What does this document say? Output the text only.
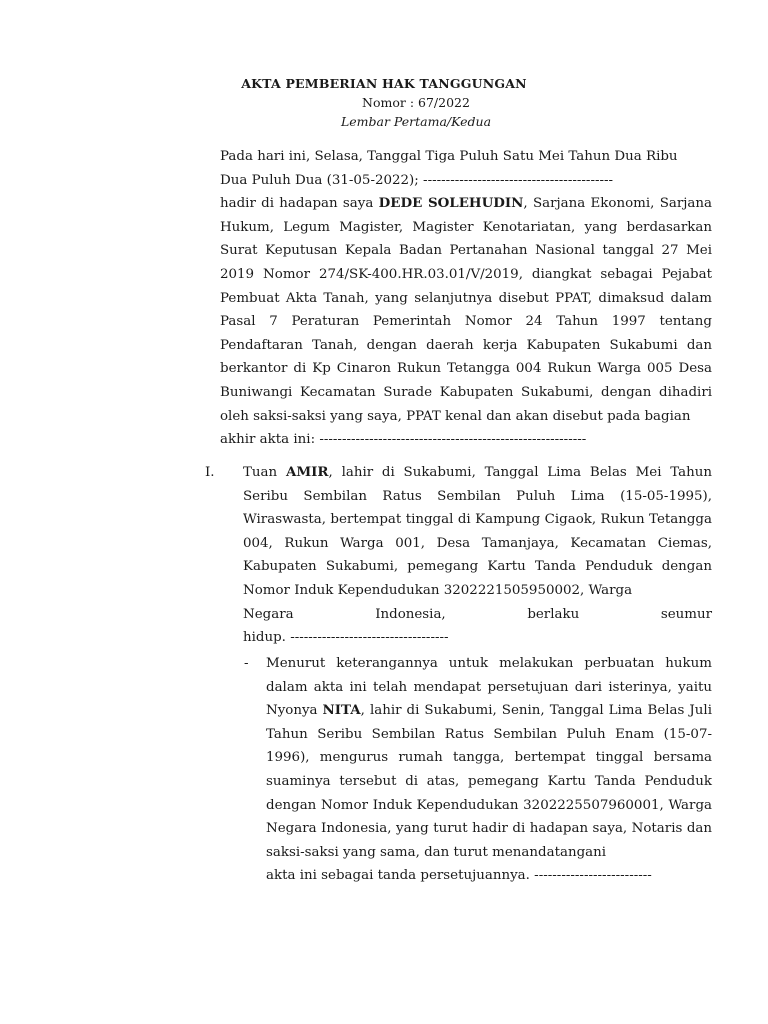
AKTA PEMBERIAN HAK TANGGUNGAN
Nomor : 67/2022
Lembar Pertama/Kedua
Pada hari ini, Selasa, Tanggal Tiga Puluh Satu Mei Tahun Dua Ribu
Dua Puluh Dua (31-05-2022); ------------------------------------------
hadir di hadapan saya DEDE SOLEHUDIN, Sarjana Ekonomi, Sarjana Hukum, Legum Magister, Magister Kenotariatan, yang berdasarkan Surat Keputusan Kepala Badan Pertanahan Nasional tanggal 27 Mei 2019 Nomor 274/SK-400.HR.03.01/V/2019, diangkat sebagai Pejabat Pembuat Akta Tanah, yang selanjutnya disebut PPAT, dimaksud dalam Pasal 7 Peraturan Pemerintah Nomor 24 Tahun 1997 tentang Pendaftaran Tanah, dengan daerah kerja Kabupaten Sukabumi dan berkantor di Kp Cinaron Rukun Tetangga 004 Rukun Warga 005 Desa Buniwangi Kecamatan Surade Kabupaten Sukabumi, dengan dihadiri oleh saksi-saksi yang saya, PPAT kenal dan akan disebut pada bagian
akhir akta ini: -----------------------------------------------------------
I. Tuan AMIR, lahir di Sukabumi, Tanggal Lima Belas Mei Tahun Seribu Sembilan Ratus Sembilan Puluh Lima (15-05-1995), Wiraswasta, bertempat tinggal di Kampung Cigaok, Rukun Tetangga 004, Rukun Warga 001, Desa Tamanjaya, Kecamatan Ciemas, Kabupaten Sukabumi, pemegang Kartu Tanda Penduduk dengan Nomor Induk Kependudukan 3202221505950002, Warga
Negara	Indonesia,	berlaku	seumur
hidup. -----------------------------------
- Menurut keterangannya untuk melakukan perbuatan hukum dalam akta ini telah mendapat persetujuan dari isterinya, yaitu Nyonya NITA, lahir di Sukabumi, Senin, Tanggal Lima Belas Juli Tahun Seribu Sembilan Ratus Sembilan Puluh Enam (15-07-1996), mengurus rumah tangga, bertempat tinggal bersama suaminya tersebut di atas, pemegang Kartu Tanda Penduduk dengan Nomor Induk Kependudukan 3202225507960001, Warga Negara Indonesia, yang turut hadir di hadapan saya, Notaris dan saksi-saksi yang sama, dan turut menandatangani
akta ini sebagai tanda persetujuannya. --------------------------
